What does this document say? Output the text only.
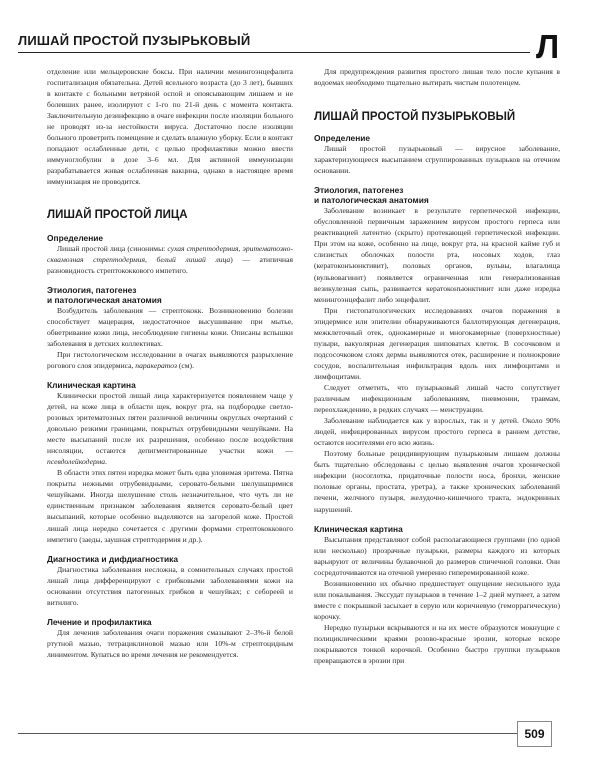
ЛИШАЙ ПРОСТОЙ ПУЗЫРЬКОВЫЙ	Л

отделение или мельцеровские боксы. При наличии менингоэнцефалита госпитализация обязательна. Детей ясельного возраста (до 3 лет), бывших в контакте с больными ветряной оспой и опоясывающим лишаем и не болевших ранее, изолируют с 1-го по 21-й день с момента контакта. Заключительную дезинфекцию в очаге инфекции после изоляции больного не проводят из-за нестойкости вируса. Достаточно после изоляции больного проветрить помещение и сделать влажную уборку. Если в контакт попадают ослабленные дети, с целью профилактики можно ввести иммуноглобулин в дозе 3–6 мл. Для активной иммунизации разрабатывается живая ослабленная вакцина, однако в настоящее время иммунизация не проводится.

ЛИШАЙ ПРОСТОЙ ЛИЦА
Определение

Лишай простой лица (синонимы: сухая стрептодермия, эритематозно-сквамозная стрептодермия, белый лишай лица) — атипичная разновидность стрептококкового импетиго.

Этиология, патогенез
и патологическая анатомия

Возбудитель заболевания — стрептококк. Возникновению болезни способствует мацерация, недостаточное высушивание при мытье, обветривание кожи лица, несоблюдение гигиены кожи. Описаны вспышки заболевания в детских коллективах.

При гистологическом исследовании в очагах выявляются разрыхление рогового слоя эпидермиса, паракератоз (см).

Клиническая картина

Клинически простой лишай лица характеризуется появлением чаще у детей, на коже лица в области щек, вокруг рта, на подбородке светло-розовых эритематозных пятен различной величины округлых очертаний с довольно резкими границами, покрытых отрубевидными чешуйками. На месте высыпаний после их разрешения, особенно после воздействия инсоляции, остаются депигментированные участки кожи — псевдолейкодерма.

В области этих пятен изредка может быть едва уловимая эритема. Пятна покрыты нежными отрубевидными, серовато-белыми шелушащимися чешуйками. Иногда шелушение столь незначительное, что чуть ли не единственным признаком заболевания является серовато-белый цвет высыпаний, которые особенно выделяются на загорелой коже. Простой лишай лица нередко сочетается с другими формами стрептококкового импетиго (заеды, заушная стрептодермия и др.).

Диагностика и дифдиагностика

Диагностика заболевания несложна, в сомнительных случаях простой лишай лица дифференцируют с грибковыми заболеваниями кожи на основании отсутствия патогенных грибков в чешуйках; с себореей и витилиго.

Лечение и профилактика

Для лечения заболевания очаги поражения смазывают 2–3%-й белой ртутной мазью, тетрациклиновой мазью или 10%-м стрептоцидным линиментом. Купаться во время лечения не рекомендуется.

Для предупреждения развития простого лишая тело после купания в водоемах необходимо тщательно вытирать чистым полотенцем.

ЛИШАЙ ПРОСТОЙ ПУЗЫРЬКОВЫЙ
Определение

Лишай простой пузырьковый — вирусное заболевание, характеризующееся высыпанием сгруппированных пузырьков на отечном основании.

Этиология, патогенез
и патологическая анатомия

Заболевание возникает в результате герпетической инфекции, обусловленной первичным заражением вирусом простого герпеса или реактивацией латентно (скрыто) протекающей герпетической инфекции. При этом на коже, особенно на лице, вокруг рта, на красной кайме губ и слизистых оболочках полости рта, носовых ходов, глаз (кератоконъюнктивит), половых органов, вульвы, влагалища (вульвовагинит) появляется ограниченная или генерализованная везикулезная сыпь, развивается кератоконъюнктивит или даже изредка менингоэнцефалит либо энцефалит.

При гистопатологических исследованиях очагов поражения в эпидермисе или эпителии обнаруживаются баллотирующая дегенерация, межклеточный отек, однокамерные и многокамерные (поверхностные) пузыри, вакуолярная дегенерация шиповатых клеток. В сосочковом и подсосочковом слоях дермы выявляются отек, расширение и полнокровие сосудов, воспалительная инфильтрация вдоль них лимфоцитами и лимфоцитами.

Следует отметить, что пузырьковый лишай часто сопутствует различным инфекционным заболеваниям, пневмонии, травмам, переохлаждению, в редких случаях — менструации.

Заболевание наблюдается как у взрослых, так и у детей. Около 90% людей, инфицированных вирусом простого герпеса в раннем детстве, остаются носителями его всю жизнь.

Поэтому больные рецидивирующим пузырьковым лишаем должны быть тщательно обследованы с целью выявления очагов хронической инфекции (носоглотка, придаточные полости носа, бронхи, женские половые органы, простата, уретра), а также хронических заболеваний печени, желчного пузыря, желудочно-кишечного тракта, эндокринных нарушений.

Клиническая картина

Высыпания представляют собой располагающиеся группами (по одной или несколько) прозрачные пузырьки, размеры каждого из которых варьируют от величины булавочной до размеров спичечной головки. Они сосредоточиваются на отечной умеренно гиперемированной коже.

Возникновению их обычно предшествует ощущение несильного зуда или покалывания. Экссудат пузырьков в течение 1–2 дней мутнеет, а затем вместе с покрышкой засыхает в серую или коричневую (геморрагическую) корочку.

Нередко пузырьки вскрываются и на их месте образуются мокнущие с полициклическими краями розово-красные эрозии, которые вскоре покрываются тонкой корочкой. Особенно быстро группки пузырьков превращаются в эрозии при

509
